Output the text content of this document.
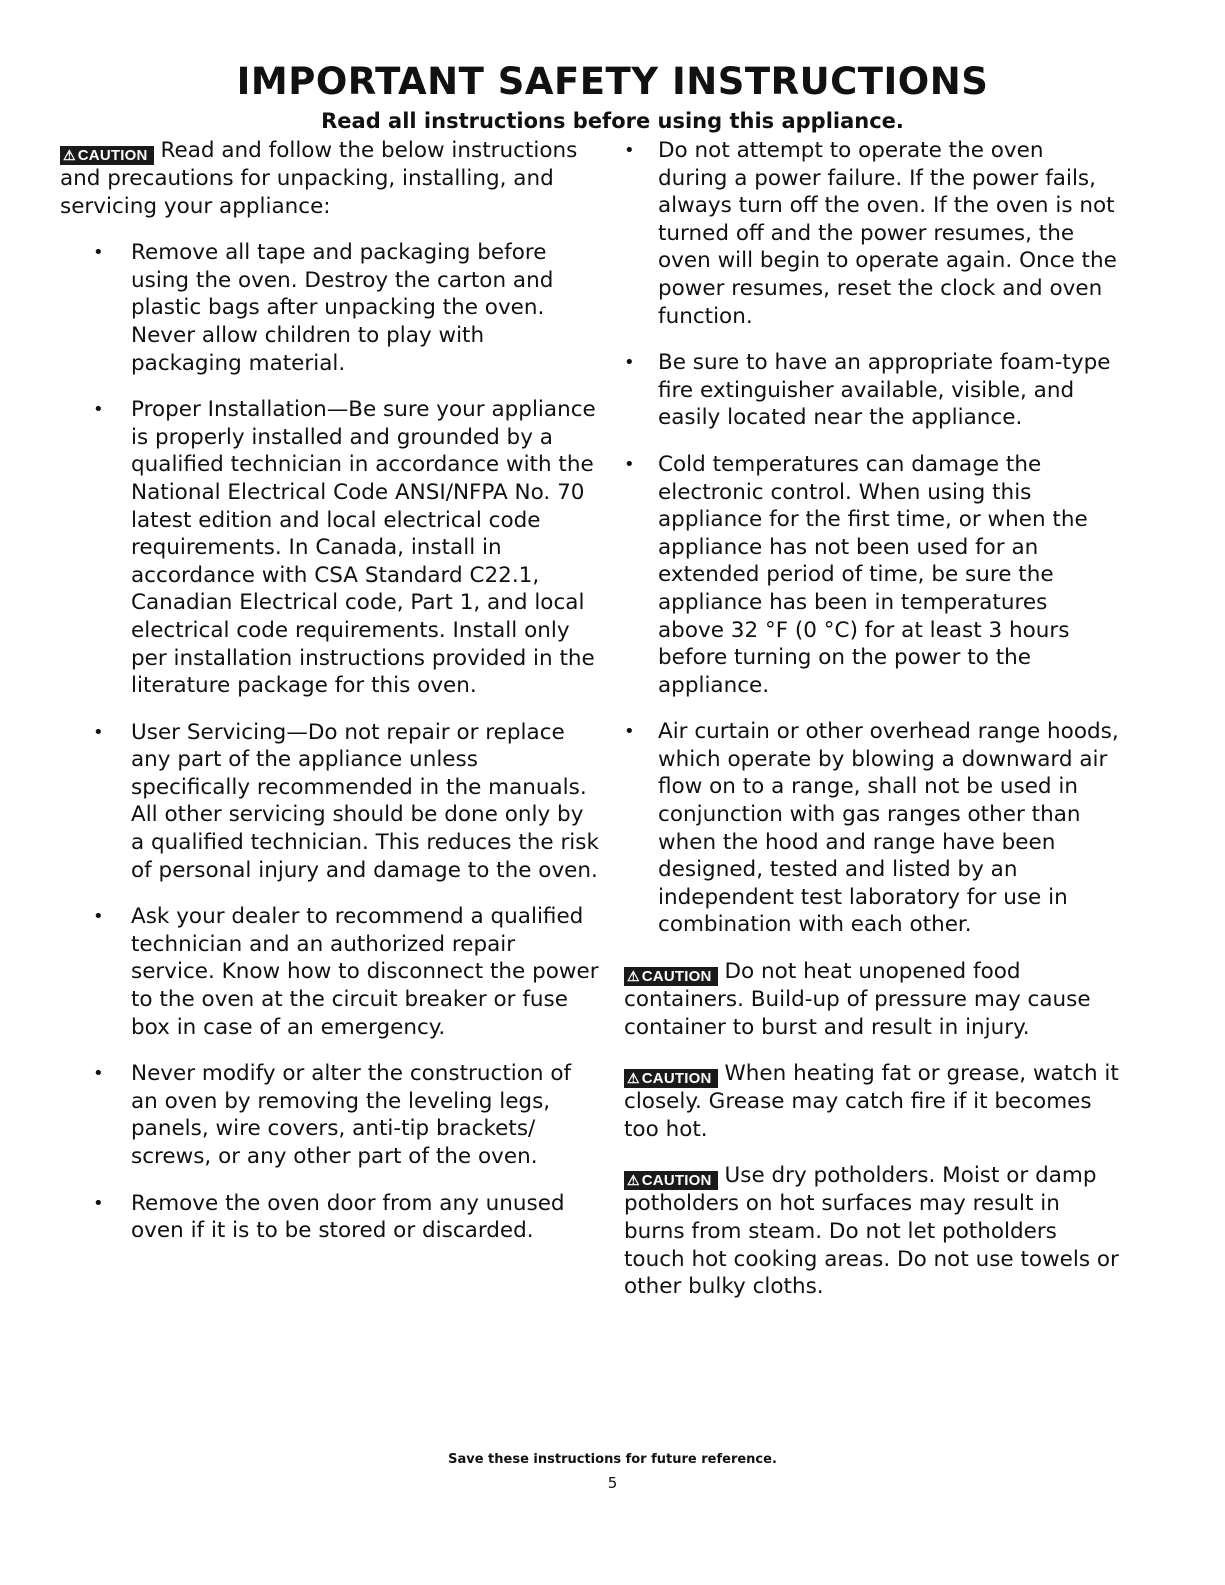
IMPORTANT SAFETY INSTRUCTIONS

Read all instructions before using this appliance.

⚠ CAUTION Read and follow the below instructions and precautions for unpacking, installing, and servicing your appliance:

• Remove all tape and packaging before using the oven. Destroy the carton and plastic bags after unpacking the oven. Never allow children to play with packaging material.
• Proper Installation—Be sure your appliance is properly installed and grounded by a qualified technician in accordance with the National Electrical Code ANSI/NFPA No. 70 latest edition and local electrical code requirements. In Canada, install in accordance with CSA Standard C22.1, Canadian Electrical code, Part 1, and local electrical code requirements. Install only per installation instructions provided in the literature package for this oven.
• User Servicing—Do not repair or replace any part of the appliance unless specifically recommended in the manuals. All other servicing should be done only by a qualified technician. This reduces the risk of personal injury and damage to the oven.
• Ask your dealer to recommend a qualified technician and an authorized repair service. Know how to disconnect the power to the oven at the circuit breaker or fuse box in case of an emergency.
• Never modify or alter the construction of an oven by removing the leveling legs, panels, wire covers, anti-tip brackets/ screws, or any other part of the oven.
• Remove the oven door from any unused oven if it is to be stored or discarded.
• Do not attempt to operate the oven during a power failure. If the power fails, always turn off the oven. If the oven is not turned off and the power resumes, the oven will begin to operate again. Once the power resumes, reset the clock and oven function.
• Be sure to have an appropriate foam-type fire extinguisher available, visible, and easily located near the appliance.
• Cold temperatures can damage the electronic control. When using this appliance for the first time, or when the appliance has not been used for an extended period of time, be sure the appliance has been in temperatures above 32 °F (0 °C) for at least 3 hours before turning on the power to the appliance.
• Air curtain or other overhead range hoods, which operate by blowing a downward air flow on to a range, shall not be used in conjunction with gas ranges other than when the hood and range have been designed, tested and listed by an independent test laboratory for use in combination with each other.

⚠ CAUTION Do not heat unopened food containers. Build-up of pressure may cause container to burst and result in injury.

⚠ CAUTION When heating fat or grease, watch it closely. Grease may catch fire if it becomes too hot.

⚠ CAUTION Use dry potholders. Moist or damp potholders on hot surfaces may result in burns from steam. Do not let potholders touch hot cooking areas. Do not use towels or other bulky cloths.

Save these instructions for future reference.

5
